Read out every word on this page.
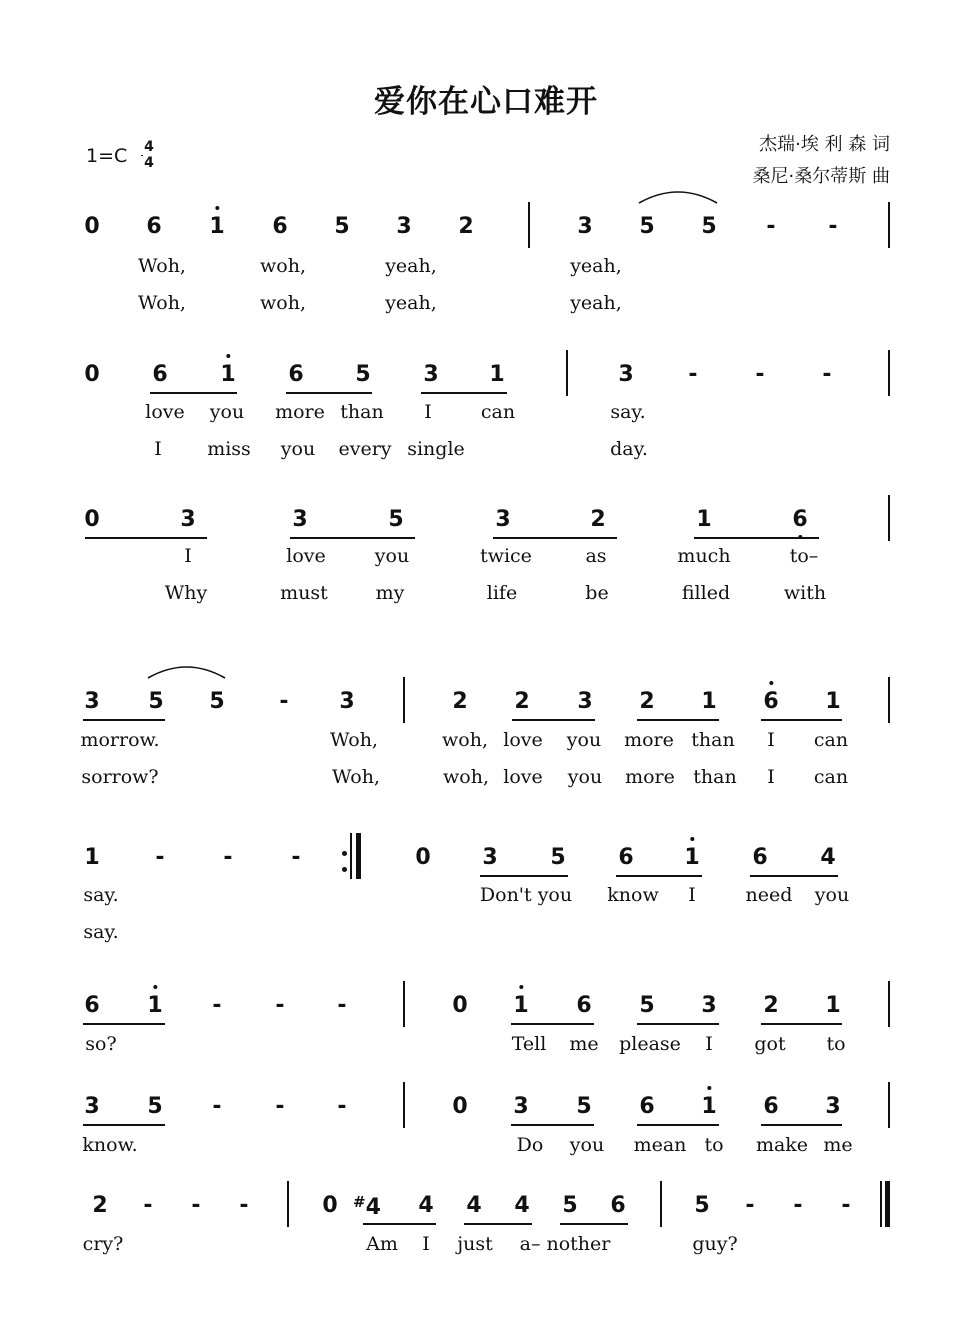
爱你在心口难开
杰瑞·埃 利 森 词
桑尼·桑尔蒂斯 曲
1=C 4
4
0 6 1 6 5 3 2	3 5 5 - -
Woh,	woh,	yeah,	yeah,
Woh,	woh,	yeah,	yeah,
0 6 1 6 5 3 1	3 -	-	-
love you more than I	can	say.
I miss you every single	day.
0	3	3	5	3	2	1	6
I	love	you	twice	as	much	to–
Why	must	my	life	be	filled	with
3 5 5 - 3	2 2 3 2 1 6 1
morrow.	Woh,	woh, love you more than I can
sorrow?	Woh,	woh, love you more than I can
1	-	-	-	0 3 5 6 1 6 4
say.	Don't you know I	need you
say.
6 1 - - -	0 1 6 5 3 2 1
so?	Tell me please I got to
3 5 - - -	0 3 5 6 1 6 3
know.	Do you mean to make me
2 - - -	0 #4 4 4 4 5 6	5 - - -
cry?	Am I just a– nother	guy?
